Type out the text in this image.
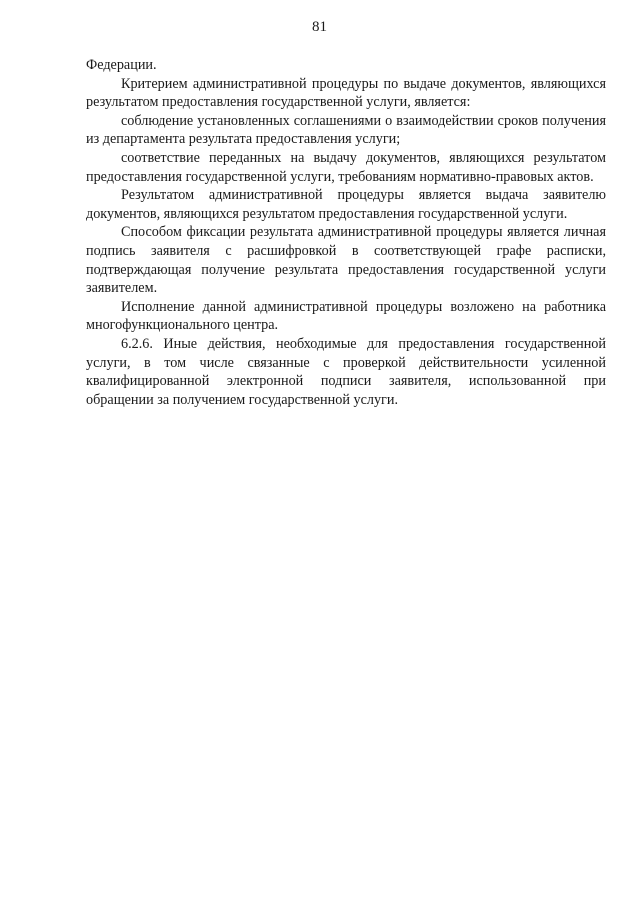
81

Федерации.

Критерием административной процедуры по выдаче документов, являющихся результатом предоставления государственной услуги, является:

соблюдение установленных соглашениями о взаимодействии сроков получения из департамента результата предоставления услуги;

соответствие переданных на выдачу документов, являющихся результатом предоставления государственной услуги, требованиям нормативно-правовых актов.

Результатом административной процедуры является выдача заявителю документов, являющихся результатом предоставления государственной услуги.

Способом фиксации результата административной процедуры является личная подпись заявителя с расшифровкой в соответствующей графе расписки, подтверждающая получение результата предоставления государственной услуги заявителем.

Исполнение данной административной процедуры возложено на работника многофункционального центра.

6.2.6. Иные действия, необходимые для предоставления государственной услуги, в том числе связанные с проверкой действительности усиленной квалифицированной электронной подписи заявителя, использованной при обращении за получением государственной услуги.
